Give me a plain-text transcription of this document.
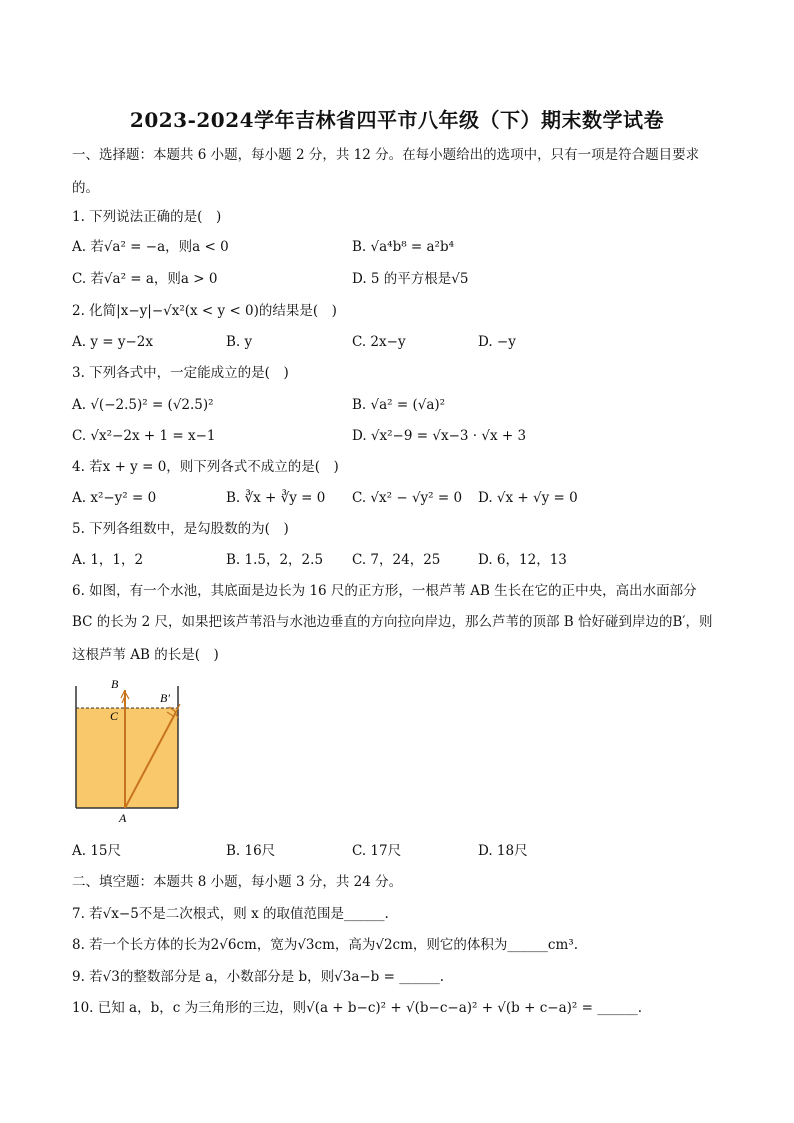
2023-2024学年吉林省四平市八年级（下）期末数学试卷
一、选择题：本题共 6 小题，每小题 2 分，共 12 分。在每小题给出的选项中，只有一项是符合题目要求
的。
1. 下列说法正确的是(　)
A. 若√a² = −a，则a < 0	B. √a⁴b⁸ = a²b⁴
C. 若√a² = a，则a > 0	D. 5 的平方根是√5
2. 化简|x−y|−√x²(x < y < 0)的结果是(　)
A. y = y−2x	B. y	C. 2x−y	D. −y
3. 下列各式中，一定能成立的是(　)
A. √(−2.5)² = (√2.5)²	B. √a² = (√a)²
C. √x²−2x + 1 = x−1	D. √x²−9 = √x−3 · √x + 3
4. 若x + y = 0，则下列各式不成立的是(　)
A. x²−y² = 0	B. ∛x + ∛y = 0 C. √x² − √y² = 0 D. √x + √y = 0
5. 下列各组数中，是勾股数的为(　)
A. 1，1，2	B. 1.5，2，2.5 C. 7，24，25	D. 6，12，13
6. 如图，有一个水池，其底面是边长为 16 尺的正方形，一根芦苇 AB 生长在它的正中央，高出水面部分
BC 的长为 2 尺，如果把该芦苇沿与水池边垂直的方向拉向岸边，那么芦苇的顶部 B 恰好碰到岸边的B′，则
这根芦苇 AB 的长是(　)
B
C
B′
A
A. 15尺	B. 16尺	C. 17尺	D. 18尺
二、填空题：本题共 8 小题，每小题 3 分，共 24 分。
7. 若√x−5不是二次根式，则 x 的取值范围是______.
8. 若一个长方体的长为2√6cm，宽为√3cm，高为√2cm，则它的体积为______cm³.
9. 若√3的整数部分是 a，小数部分是 b，则√3a−b = ______.
10. 已知 a，b，c 为三角形的三边，则√(a + b−c)² + √(b−c−a)² + √(b + c−a)² = ______.
